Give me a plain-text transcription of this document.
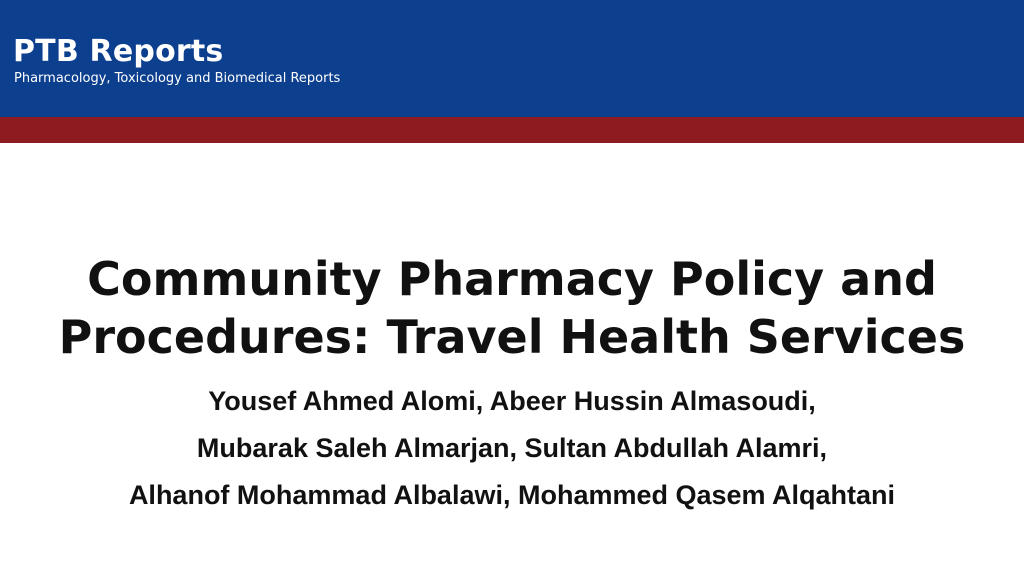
PTB Reports

Pharmacology, Toxicology and Biomedical Reports

Community Pharmacy Policy and
Procedures: Travel Health Services
Yousef Ahmed Alomi, Abeer Hussin Almasoudi,
Mubarak Saleh Almarjan, Sultan Abdullah Alamri,
Alhanof Mohammad Albalawi, Mohammed Qasem Alqahtani
